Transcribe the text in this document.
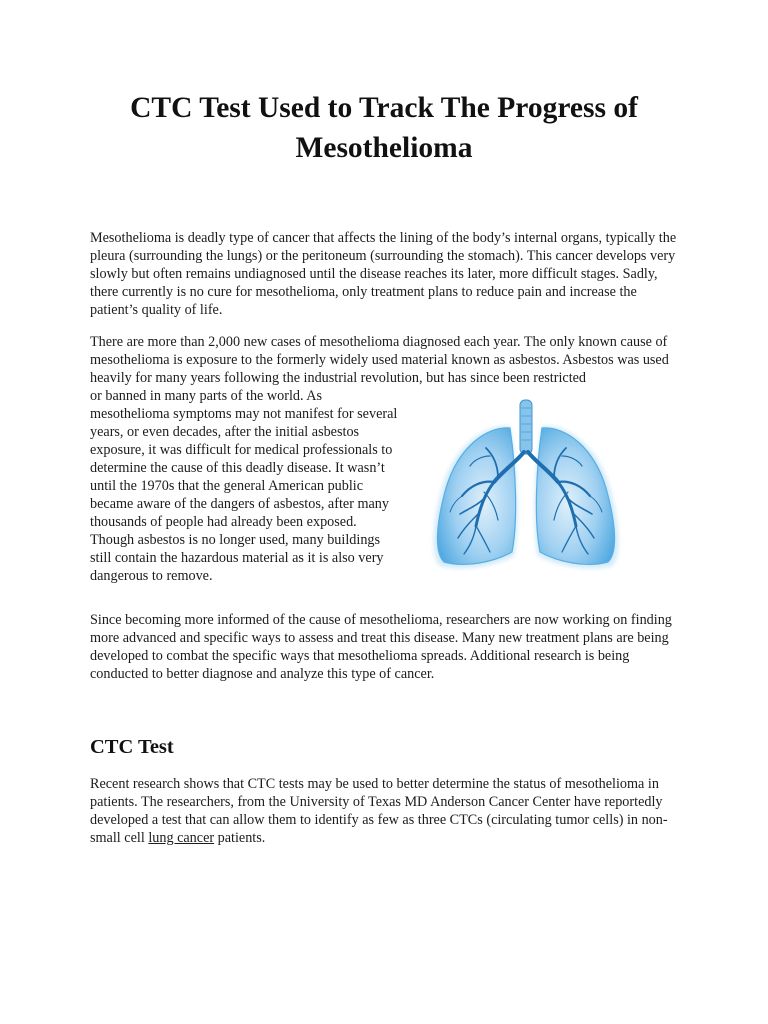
CTC Test Used to Track The Progress of Mesothelioma

Mesothelioma is deadly type of cancer that affects the lining of the body’s internal organs, typically the pleura (surrounding the lungs) or the peritoneum (surrounding the stomach). This cancer develops very slowly but often remains undiagnosed until the disease reaches its later, more difficult stages. Sadly, there currently is no cure for mesothelioma, only treatment plans to reduce pain and increase the patient’s quality of life.

There are more than 2,000 new cases of mesothelioma diagnosed each year. The only known cause of mesothelioma is exposure to the formerly widely used material known as asbestos. Asbestos was used heavily for many years following the industrial revolution, but has since been restricted

or banned in many parts of the world. As mesothelioma symptoms may not manifest for several years, or even decades, after the initial asbestos exposure, it was difficult for medical professionals to determine the cause of this deadly disease. It wasn’t until the 1970s that the general American public became aware of the dangers of asbestos, after many thousands of people had already been exposed. Though asbestos is no longer used, many buildings still contain the hazardous material as it is also very dangerous to remove.

Since becoming more informed of the cause of mesothelioma, researchers are now working on finding more advanced and specific ways to assess and treat this disease. Many new treatment plans are being developed to combat the specific ways that mesothelioma spreads. Additional research is being conducted to better diagnose and analyze this type of cancer.

CTC Test

Recent research shows that CTC tests may be used to better determine the status of mesothelioma in patients. The researchers, from the University of Texas MD Anderson Cancer Center have reportedly developed a test that can allow them to identify as few as three CTCs (circulating tumor cells) in non-small cell lung cancer patients.
